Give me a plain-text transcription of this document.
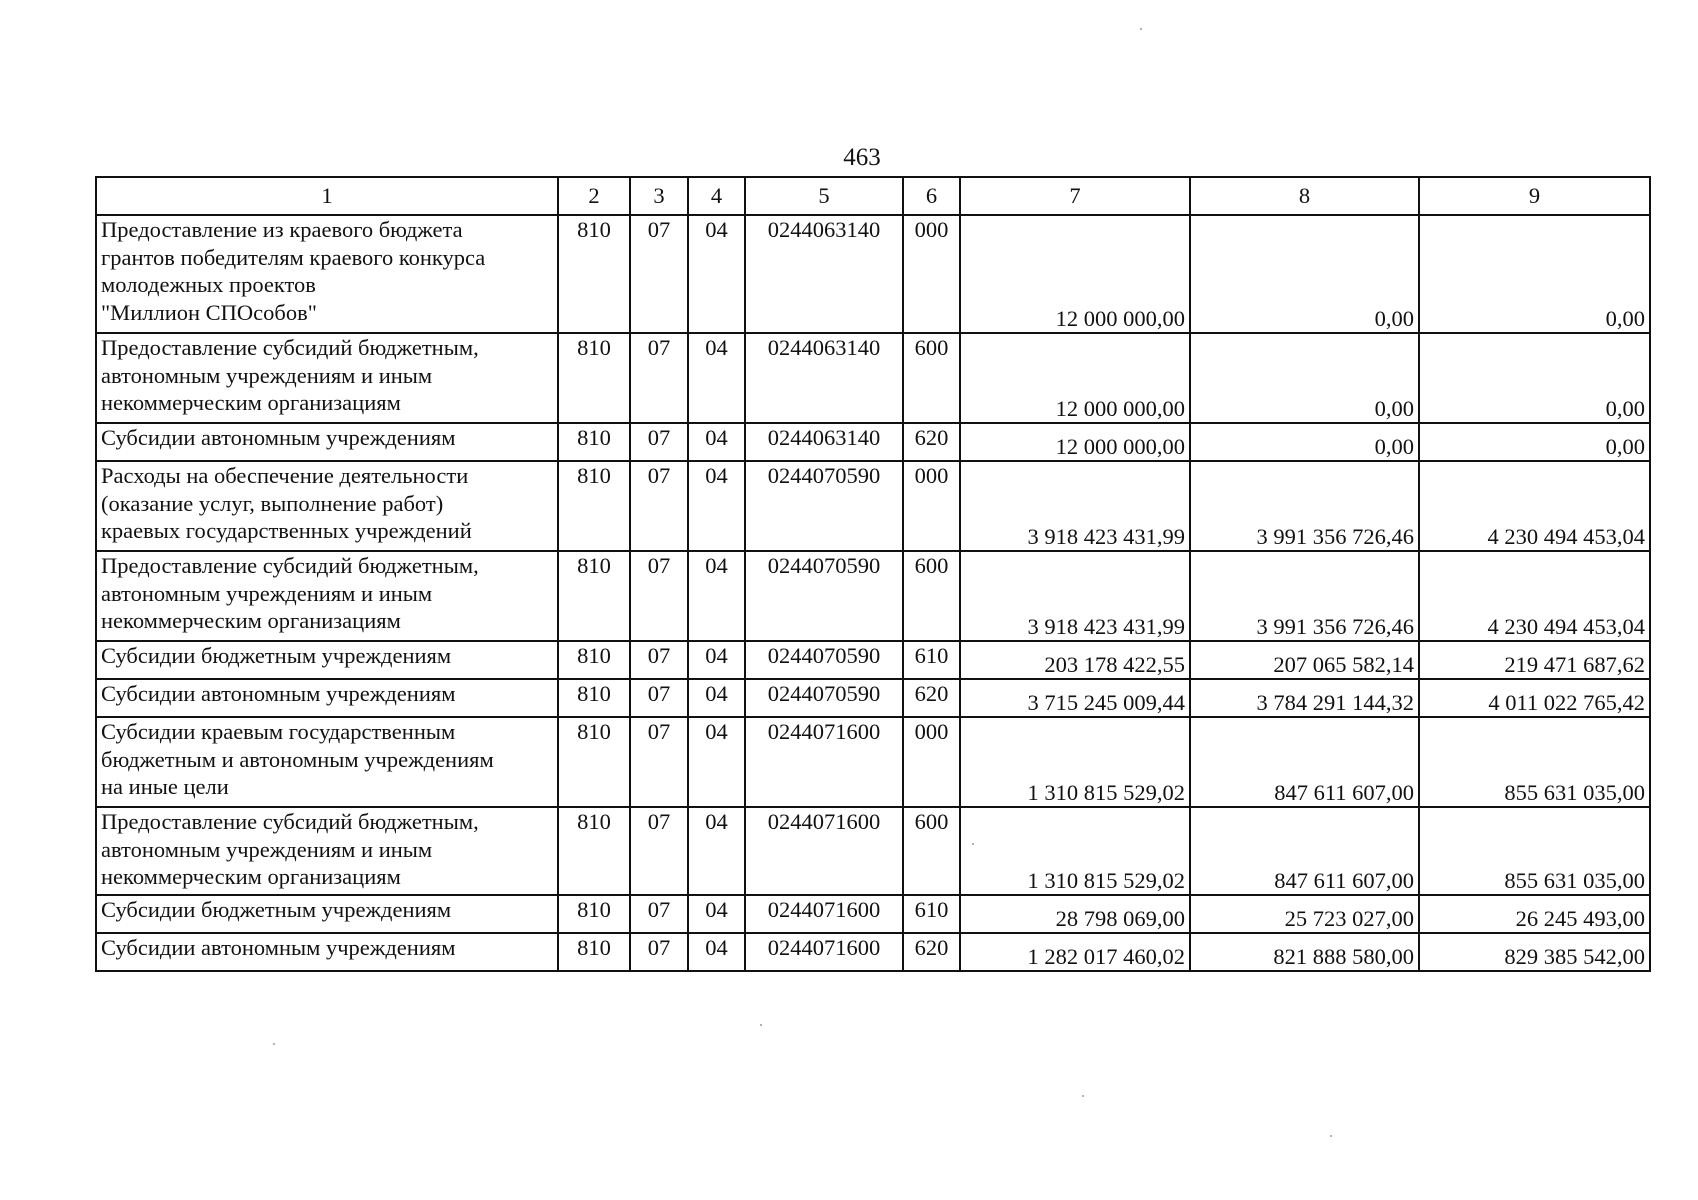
463
1	2	3	4	5	6	7	8	9
Предоставление из краевого бюджета
грантов победителям краевого конкурса
молодежных проектов
"Миллион СПОсобов"	810	07	04	0244063140	000	12 000 000,00	0,00	0,00
Предоставление субсидий бюджетным,
автономным учреждениям и иным
некоммерческим организациям	810	07	04	0244063140	600	12 000 000,00	0,00	0,00
Субсидии автономным учреждениям	810	07	04	0244063140	620	12 000 000,00	0,00	0,00
Расходы на обеспечение деятельности
(оказание услуг, выполнение работ)
краевых государственных учреждений	810	07	04	0244070590	000	3 918 423 431,99	3 991 356 726,46	4 230 494 453,04
Предоставление субсидий бюджетным,
автономным учреждениям и иным
некоммерческим организациям	810	07	04	0244070590	600	3 918 423 431,99	3 991 356 726,46	4 230 494 453,04
Субсидии бюджетным учреждениям	810	07	04	0244070590	610	203 178 422,55	207 065 582,14	219 471 687,62
Субсидии автономным учреждениям	810	07	04	0244070590	620	3 715 245 009,44	3 784 291 144,32	4 011 022 765,42
Субсидии краевым государственным
бюджетным и автономным учреждениям
на иные цели	810	07	04	0244071600	000	1 310 815 529,02	847 611 607,00	855 631 035,00
Предоставление субсидий бюджетным,
автономным учреждениям и иным
некоммерческим организациям	810	07	04	0244071600	600	1 310 815 529,02	847 611 607,00	855 631 035,00
Субсидии бюджетным учреждениям	810	07	04	0244071600	610	28 798 069,00	25 723 027,00	26 245 493,00
Субсидии автономным учреждениям	810	07	04	0244071600	620	1 282 017 460,02	821 888 580,00	829 385 542,00
